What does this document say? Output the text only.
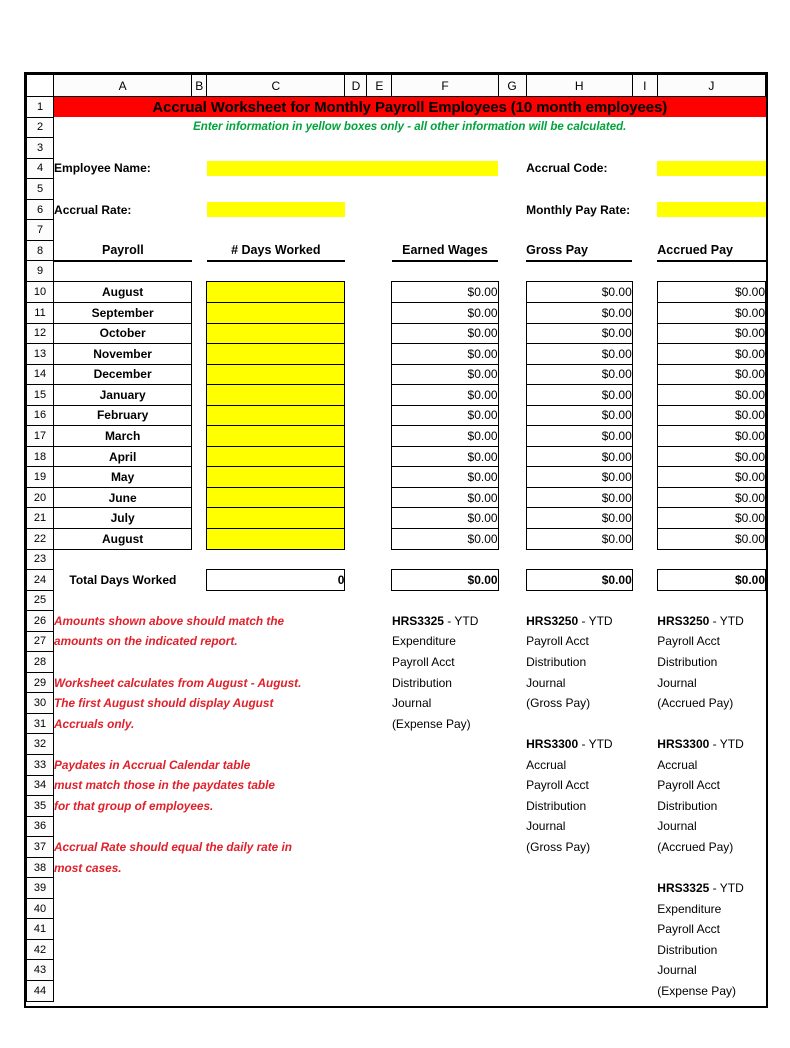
	A	B	C	D	E	F	G	H	I	J
1	Accrual Worksheet for Monthly Payroll Employees (10 month employees)									
2	Enter information in yellow boxes only - all other information will be calculated.									
3										
4	Employee Name:							Accrual Code:		

5										
6	Accrual Rate:							Monthly Pay Rate:		

7										
8	Payroll		# Days Worked			Earned Wages		Gross Pay		Accrued Pay
9										
10	August					$0.00		$0.00		$0.00
11	September					$0.00		$0.00		$0.00
12	October					$0.00		$0.00		$0.00
13	November					$0.00		$0.00		$0.00
14	December					$0.00		$0.00		$0.00
15	January					$0.00		$0.00		$0.00
16	February					$0.00		$0.00		$0.00
17	March					$0.00		$0.00		$0.00
18	April					$0.00		$0.00		$0.00
19	May					$0.00		$0.00		$0.00
20	June					$0.00		$0.00		$0.00
21	July					$0.00		$0.00		$0.00
22	August					$0.00		$0.00		$0.00
23										
24	Total Days Worked		0			$0.00		$0.00		$0.00
25										
26	Amounts shown above should match the					HRS3325 - YTD		HRS3250 - YTD		HRS3250 - YTD
27	amounts on the indicated report.					Expenditure		Payroll Acct		Payroll Acct
28						Payroll Acct		Distribution		Distribution
29	Worksheet calculates from August - August.					Distribution		Journal		Journal
30	The first August should display August					Journal		(Gross Pay)		(Accrued Pay)
31	Accruals only.					(Expense Pay)				
32								HRS3300 - YTD		HRS3300 - YTD
33	Paydates in Accrual Calendar table							Accrual		Accrual
34	must match those in the paydates table							Payroll Acct		Payroll Acct
35	for that group of employees.							Distribution		Distribution
36								Journal		Journal
37	Accrual Rate should equal the daily rate in							(Gross Pay)		(Accrued Pay)
38	most cases.									
39										HRS3325 - YTD
40										Expenditure
41										Payroll Acct
42										Distribution
43										Journal
44										(Expense Pay)
